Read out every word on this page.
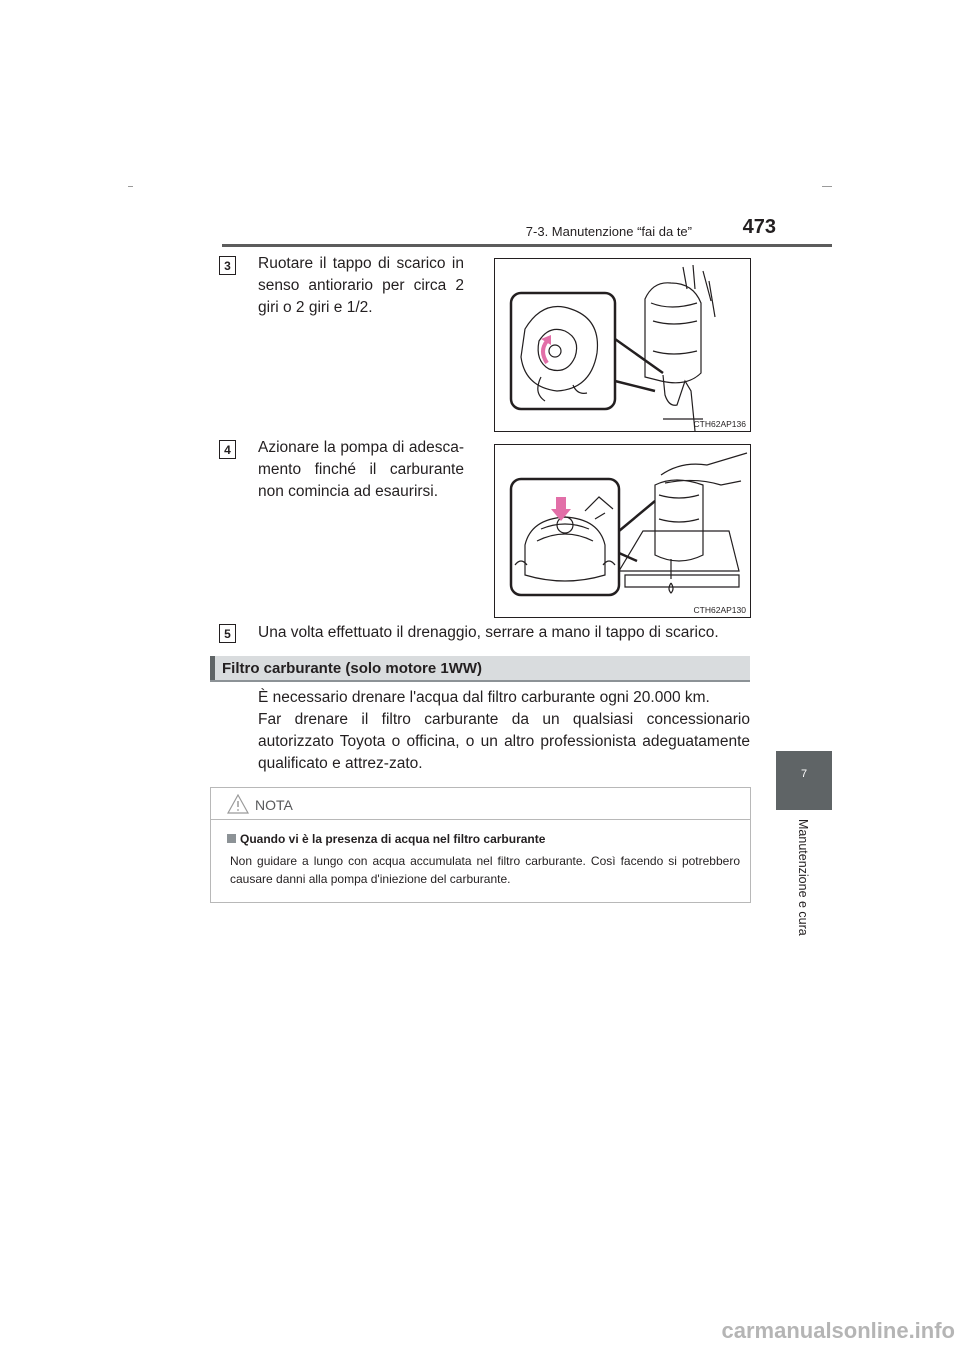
7-3. Manutenzione “fai da te”	473
7
Manutenzione e cura
3	Ruotare il tappo di scarico in senso antiorario per circa 2 giri o 2 giri e 1/2.
CTH62AP136
4	Azionare la pompa di adesca-mento finché il carburante non comincia ad esaurirsi.
CTH62AP130
5	Una volta effettuato il drenaggio, serrare a mano il tappo di scarico.
Filtro carburante (solo motore 1WW)
È necessario drenare l'acqua dal filtro carburante ogni 20.000 km.
Far drenare il filtro carburante da un qualsiasi concessionario autorizzato Toyota o officina, o un altro professionista adeguatamente qualificato e attrez-zato.
NOTA
Quando vi è la presenza di acqua nel filtro carburante
Non guidare a lungo con acqua accumulata nel filtro carburante. Così facendo si potrebbero causare danni alla pompa d'iniezione del carburante.
carmanualsonline.info
